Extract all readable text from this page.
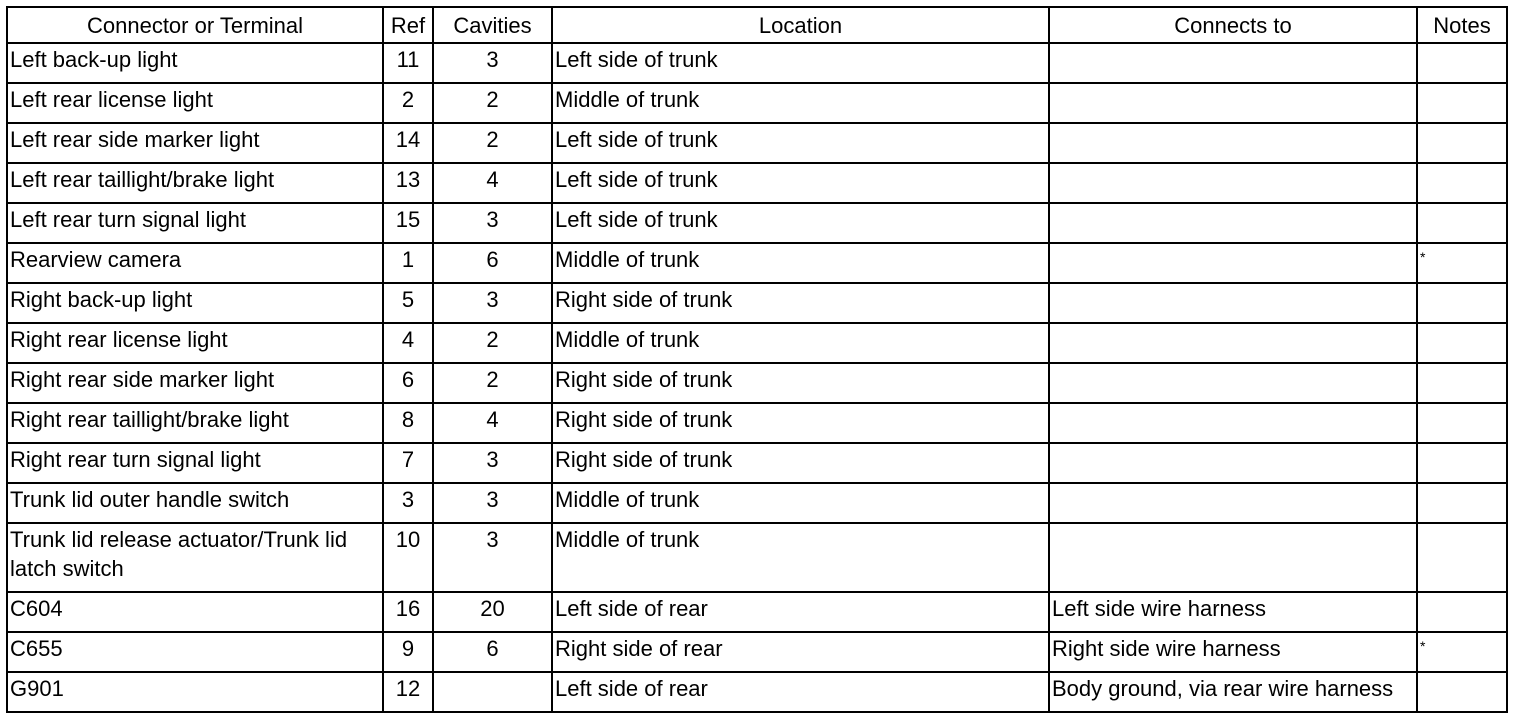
Connector or Terminal	Ref	Cavities	Location	Connects to	Notes
Left back-up light	11	3	Left side of trunk		
Left rear license light	2	2	Middle of trunk		
Left rear side marker light	14	2	Left side of trunk		
Left rear taillight/brake light	13	4	Left side of trunk		
Left rear turn signal light	15	3	Left side of trunk		
Rearview camera	1	6	Middle of trunk		*
Right back-up light	5	3	Right side of trunk		
Right rear license light	4	2	Middle of trunk		
Right rear side marker light	6	2	Right side of trunk		
Right rear taillight/brake light	8	4	Right side of trunk		
Right rear turn signal light	7	3	Right side of trunk		
Trunk lid outer handle switch	3	3	Middle of trunk		
Trunk lid release actuator/Trunk lid latch switch	10	3	Middle of trunk		
C604	16	20	Left side of rear	Left side wire harness	
C655	9	6	Right side of rear	Right side wire harness	*
G901	12		Left side of rear	Body ground, via rear wire harness	
